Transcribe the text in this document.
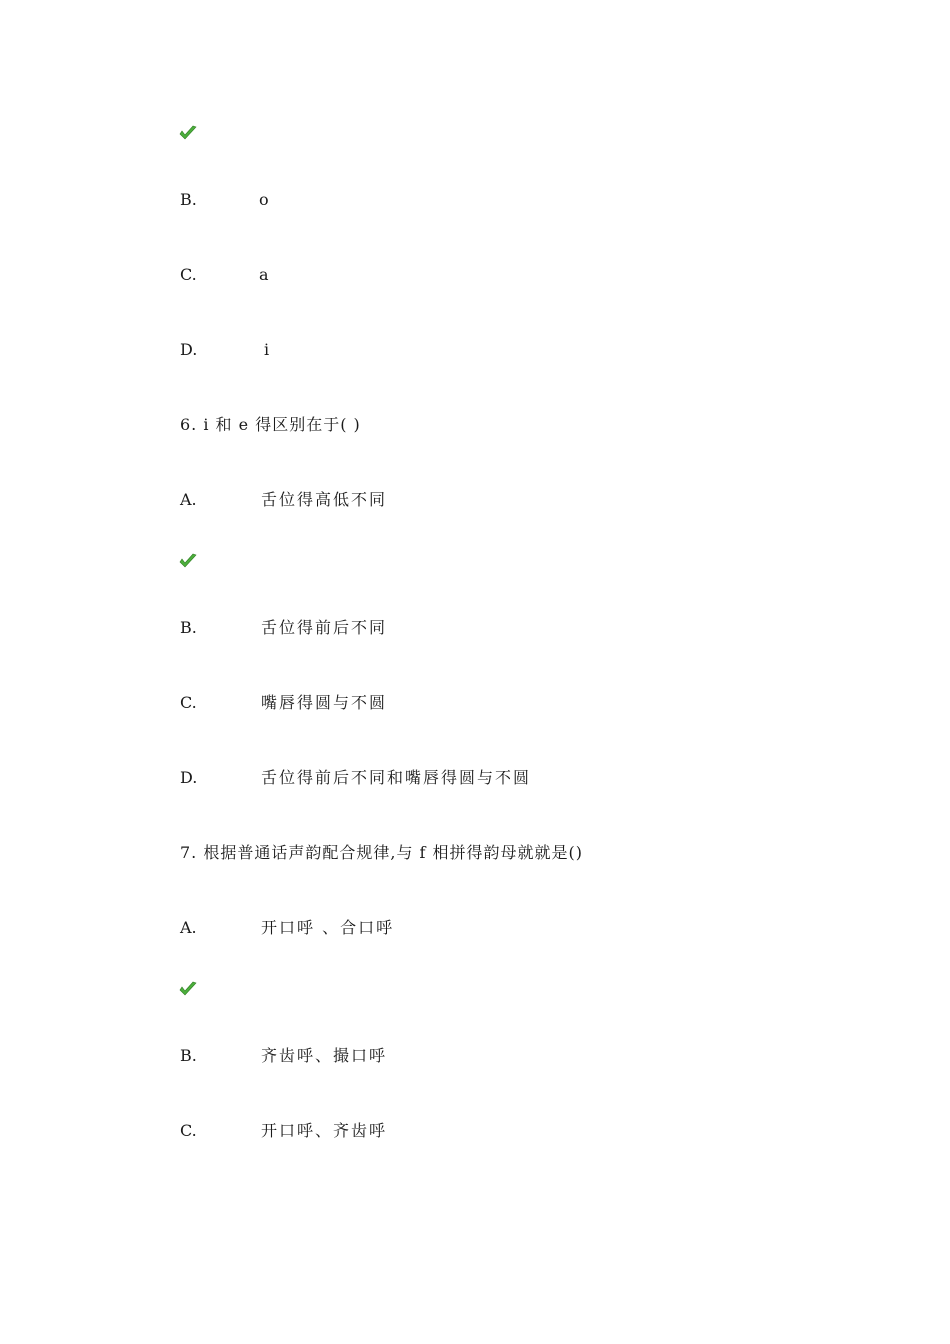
B.	o
C.	a
D.	i
6. i 和 e 得区别在于( )
A.	舌位得高低不同
B.	舌位得前后不同
C.	嘴唇得圆与不圆
D.	舌位得前后不同和嘴唇得圆与不圆
7. 根据普通话声韵配合规律,与 f 相拼得韵母就就是()
A.	开口呼 、合口呼
B.	齐齿呼、撮口呼
C.	开口呼、齐齿呼
